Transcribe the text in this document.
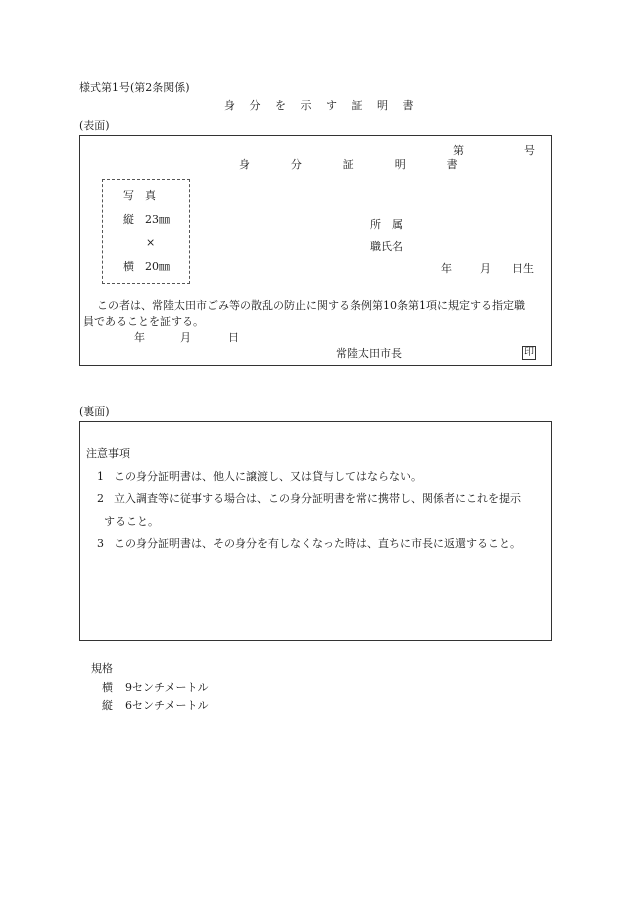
様式第1号(第2条関係)
身 分 を 示 す 証 明 書
(表面)
第	号
身 分 証 明 書
写　真
縦　23㎜
×
横　20㎜
所　属
職氏名
年	月 日生
この者は、常陸太田市ごみ等の散乱の防止に関する条例第10条第1項に規定する指定職
員であることを証する。
年	月	日
常陸太田市長	印
(裏面)
注意事項
1 この身分証明書は、他人に譲渡し、又は貸与してはならない。
2 立入調査等に従事する場合は、この身分証明書を常に携帯し、関係者にこれを提示
すること。
3 この身分証明書は、その身分を有しなくなった時は、直ちに市長に返還すること。
規格
横 9センチメートル
縦 6センチメートル
